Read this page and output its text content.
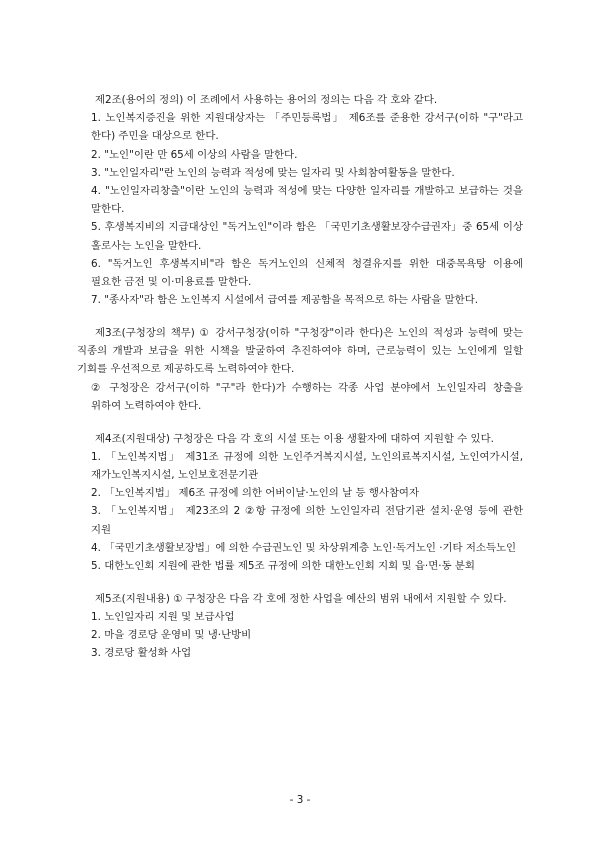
제2조(용어의 정의) 이 조례에서 사용하는 용어의 정의는 다음 각 호와 같다.
1. 노인복지증진을 위한 지원대상자는 「주민등록법」 제6조를 준용한 강서구(이하 "구"라고 한다) 주민을 대상으로 한다.
2. "노인"이란 만 65세 이상의 사람을 말한다.
3. "노인일자리"란 노인의 능력과 적성에 맞는 일자리 및 사회참여활동을 말한다.
4. "노인일자리창출"이란 노인의 능력과 적성에 맞는 다양한 일자리를 개발하고 보급하는 것을 말한다.
5. 후생복지비의 지급대상인 "독거노인"이라 함은 「국민기초생활보장수급권자」중 65세 이상 홀로사는 노인을 말한다.
6. "독거노인 후생복지비"라 함은 독거노인의 신체적 청결유지를 위한 대중목욕탕 이용에 필요한 금전 및 이·미용료를 말한다.
7. "종사자"라 함은 노인복지 시설에서 급여를 제공함을 목적으로 하는 사람을 말한다.
제3조(구청장의 책무) ① 강서구청장(이하 "구청장"이라 한다)은 노인의 적성과 능력에 맞는 직종의 개발과 보급을 위한 시책을 발굴하여 추진하여야 하며, 근로능력이 있는 노인에게 일할 기회를 우선적으로 제공하도록 노력하여야 한다.
② 구청장은 강서구(이하 "구"라 한다)가 수행하는 각종 사업 분야에서 노인일자리 창출을 위하여 노력하여야 한다.
제4조(지원대상) 구청장은 다음 각 호의 시설 또는 이용 생활자에 대하여 지원할 수 있다.
1. 「노인복지법」 제31조 규정에 의한 노인주거복지시설, 노인의료복지시설, 노인여가시설, 재가노인복지시설, 노인보호전문기관
2. 「노인복지법」 제6조 규정에 의한 어버이날·노인의 날 등 행사참여자
3. 「노인복지법」 제23조의 2 ②항 규정에 의한 노인일자리 전담기관 설치·운영 등에 관한 지원
4. 「국민기초생활보장법」에 의한 수급권노인 및 차상위계층 노인·독거노인 ·기타 저소득노인
5. 대한노인회 지원에 관한 법률 제5조 규정에 의한 대한노인회 지회 및 읍·면·동 분회
제5조(지원내용) ① 구청장은 다음 각 호에 정한 사업을 예산의 범위 내에서 지원할 수 있다.
1. 노인일자리 지원 및 보급사업
2. 마을 경로당 운영비 및 냉·난방비
3. 경로당 활성화 사업
- 3 -
